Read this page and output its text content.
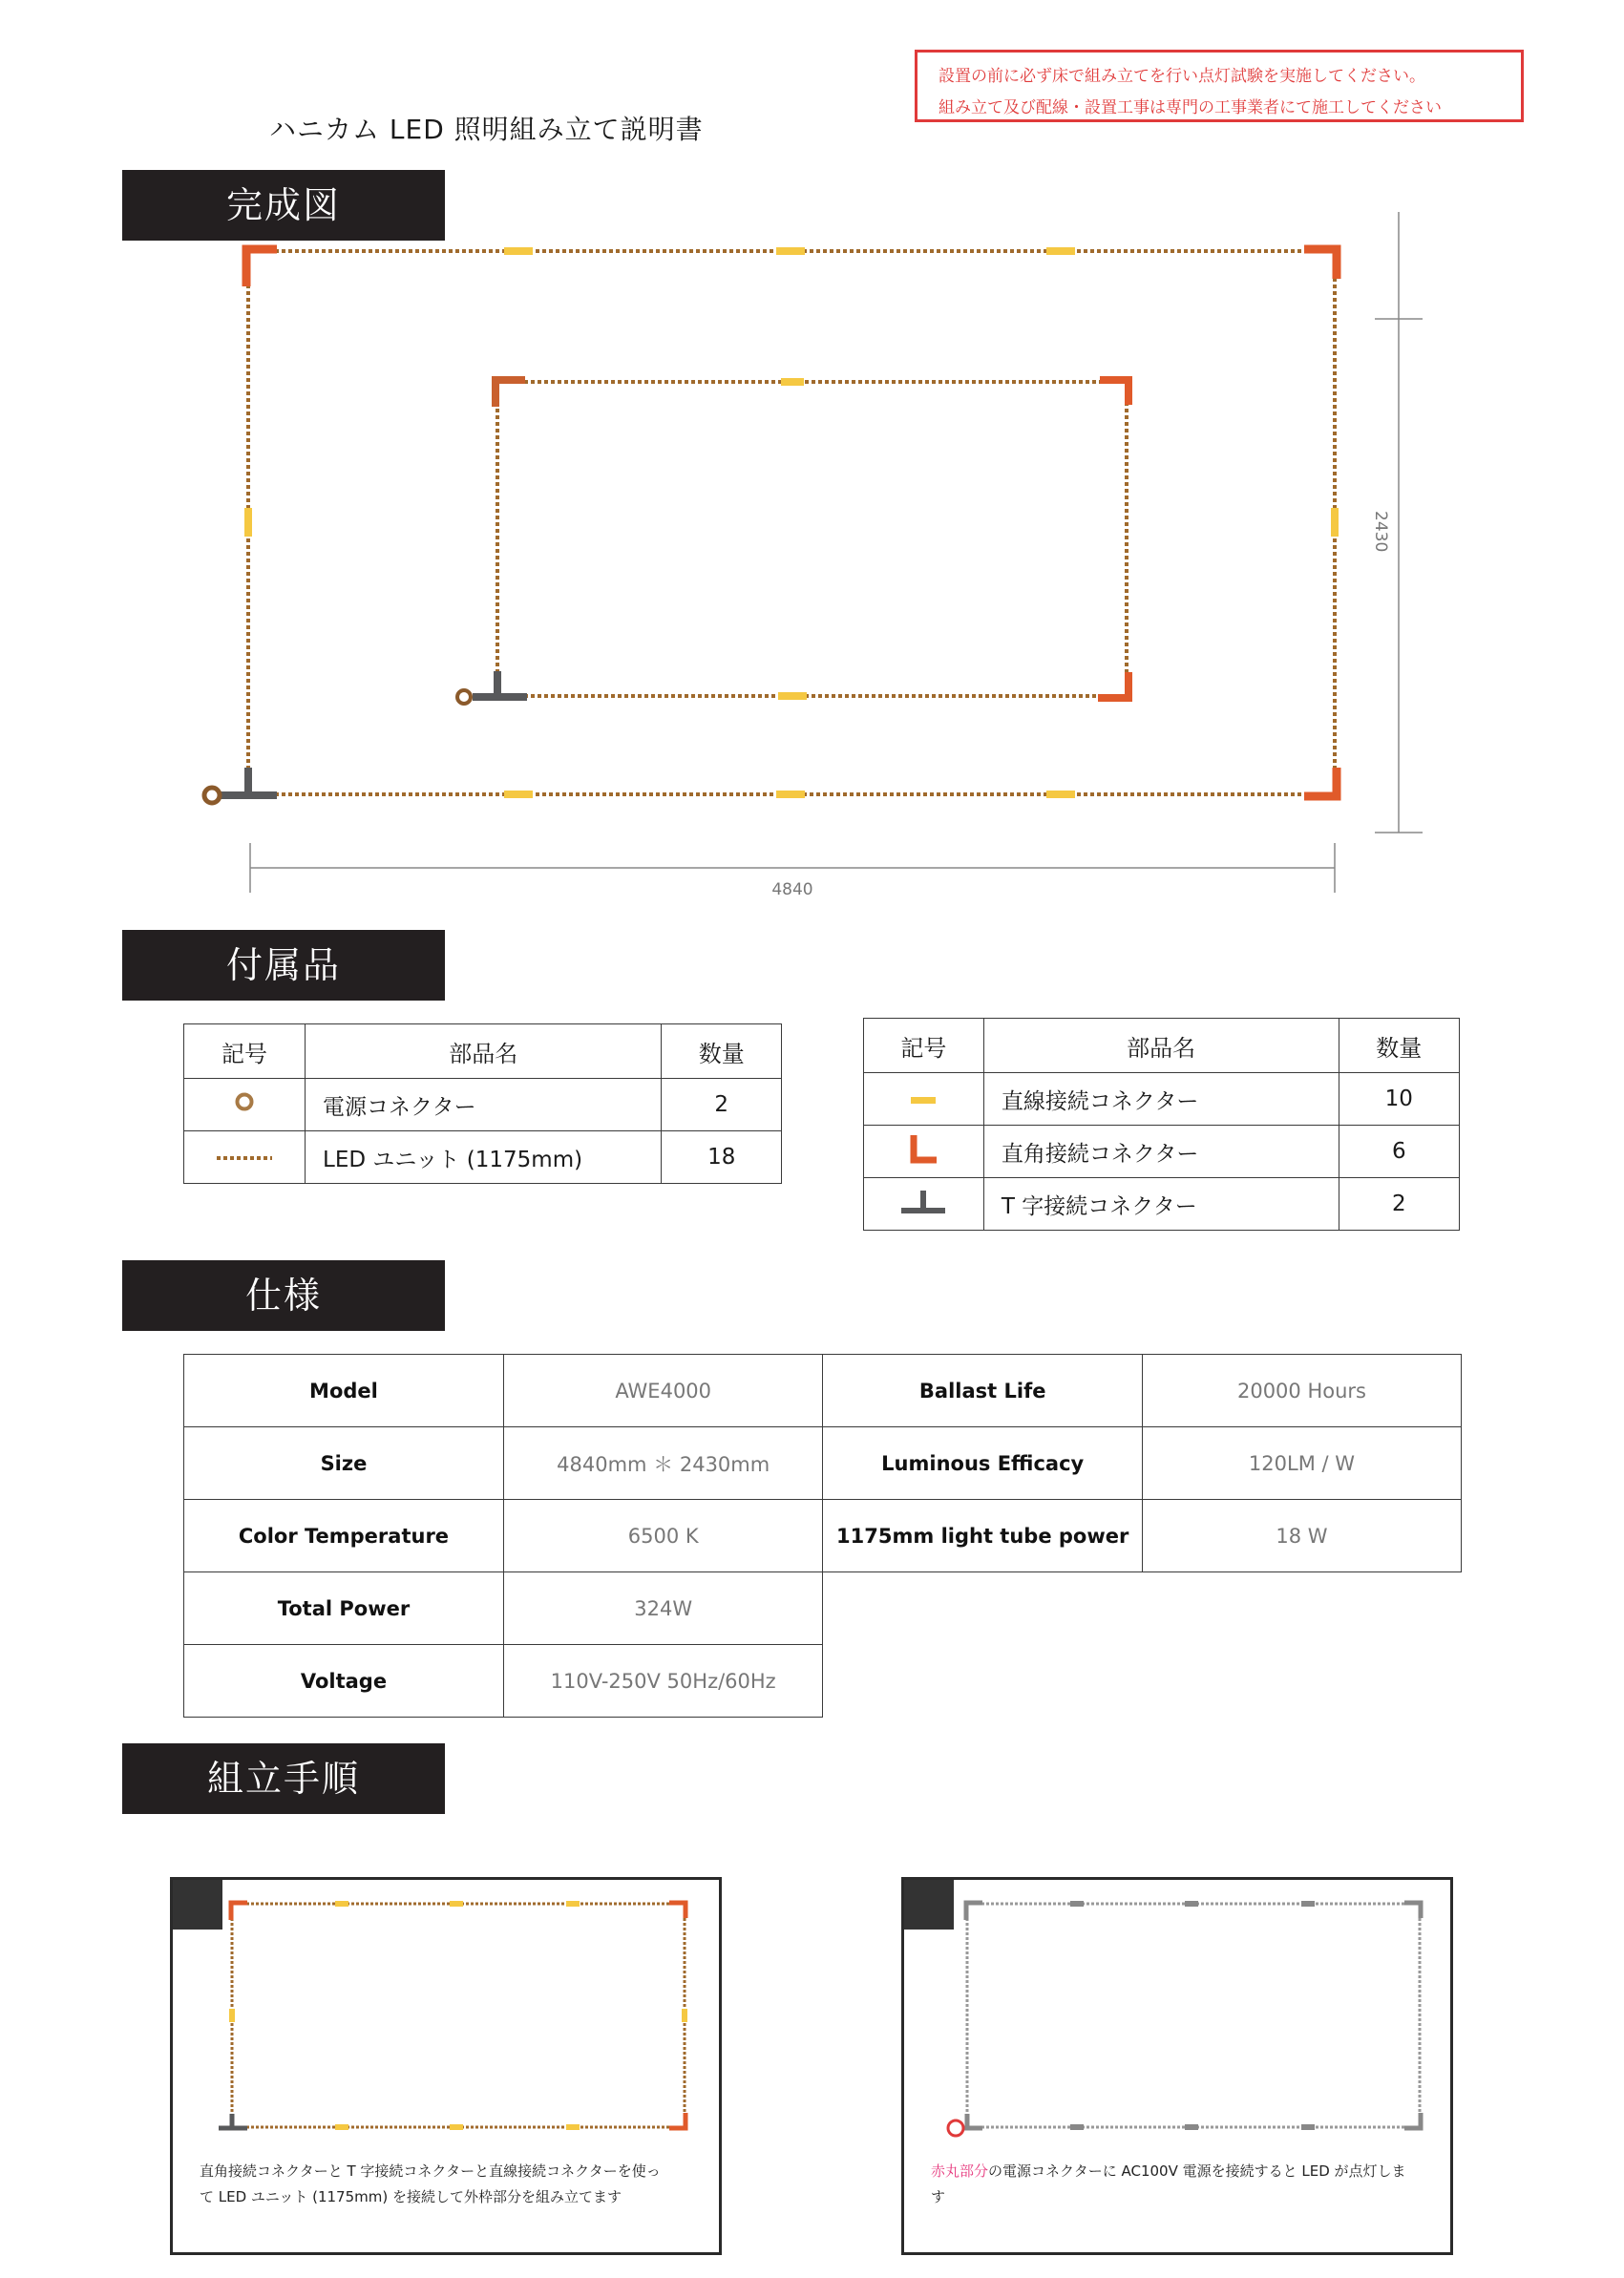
ハニカム LED 照明組み立て説明書
設置の前に必ず床で組み立てを行い点灯試験を実施してください。
組み立て及び配線・設置工事は専門の工事業者にて施工してください
完成図
4840
2430
付属品
記号	部品名	数量
	電源コネクター	2
	LED ユニット (1175mm)	18
記号	部品名	数量
	直線接続コネクター	10
	直角接続コネクター	6
	T 字接続コネクター	2
仕様
Model	AWE4000	Ballast Life	20000 Hours
Size	4840mm ＊ 2430mm	Luminous Efficacy	120LM / W
Color Temperature	6500 K	1175mm light tube power	18 W
Total Power	324W		
Voltage	110V-250V 50Hz/60Hz		
組立手順
直角接続コネクターと T 字接続コネクターと直線接続コネクターを使っ
て LED ユニット (1175mm) を接続して外枠部分を組み立てます
赤丸部分の電源コネクターに AC100V 電源を接続すると LED が点灯しま
す
